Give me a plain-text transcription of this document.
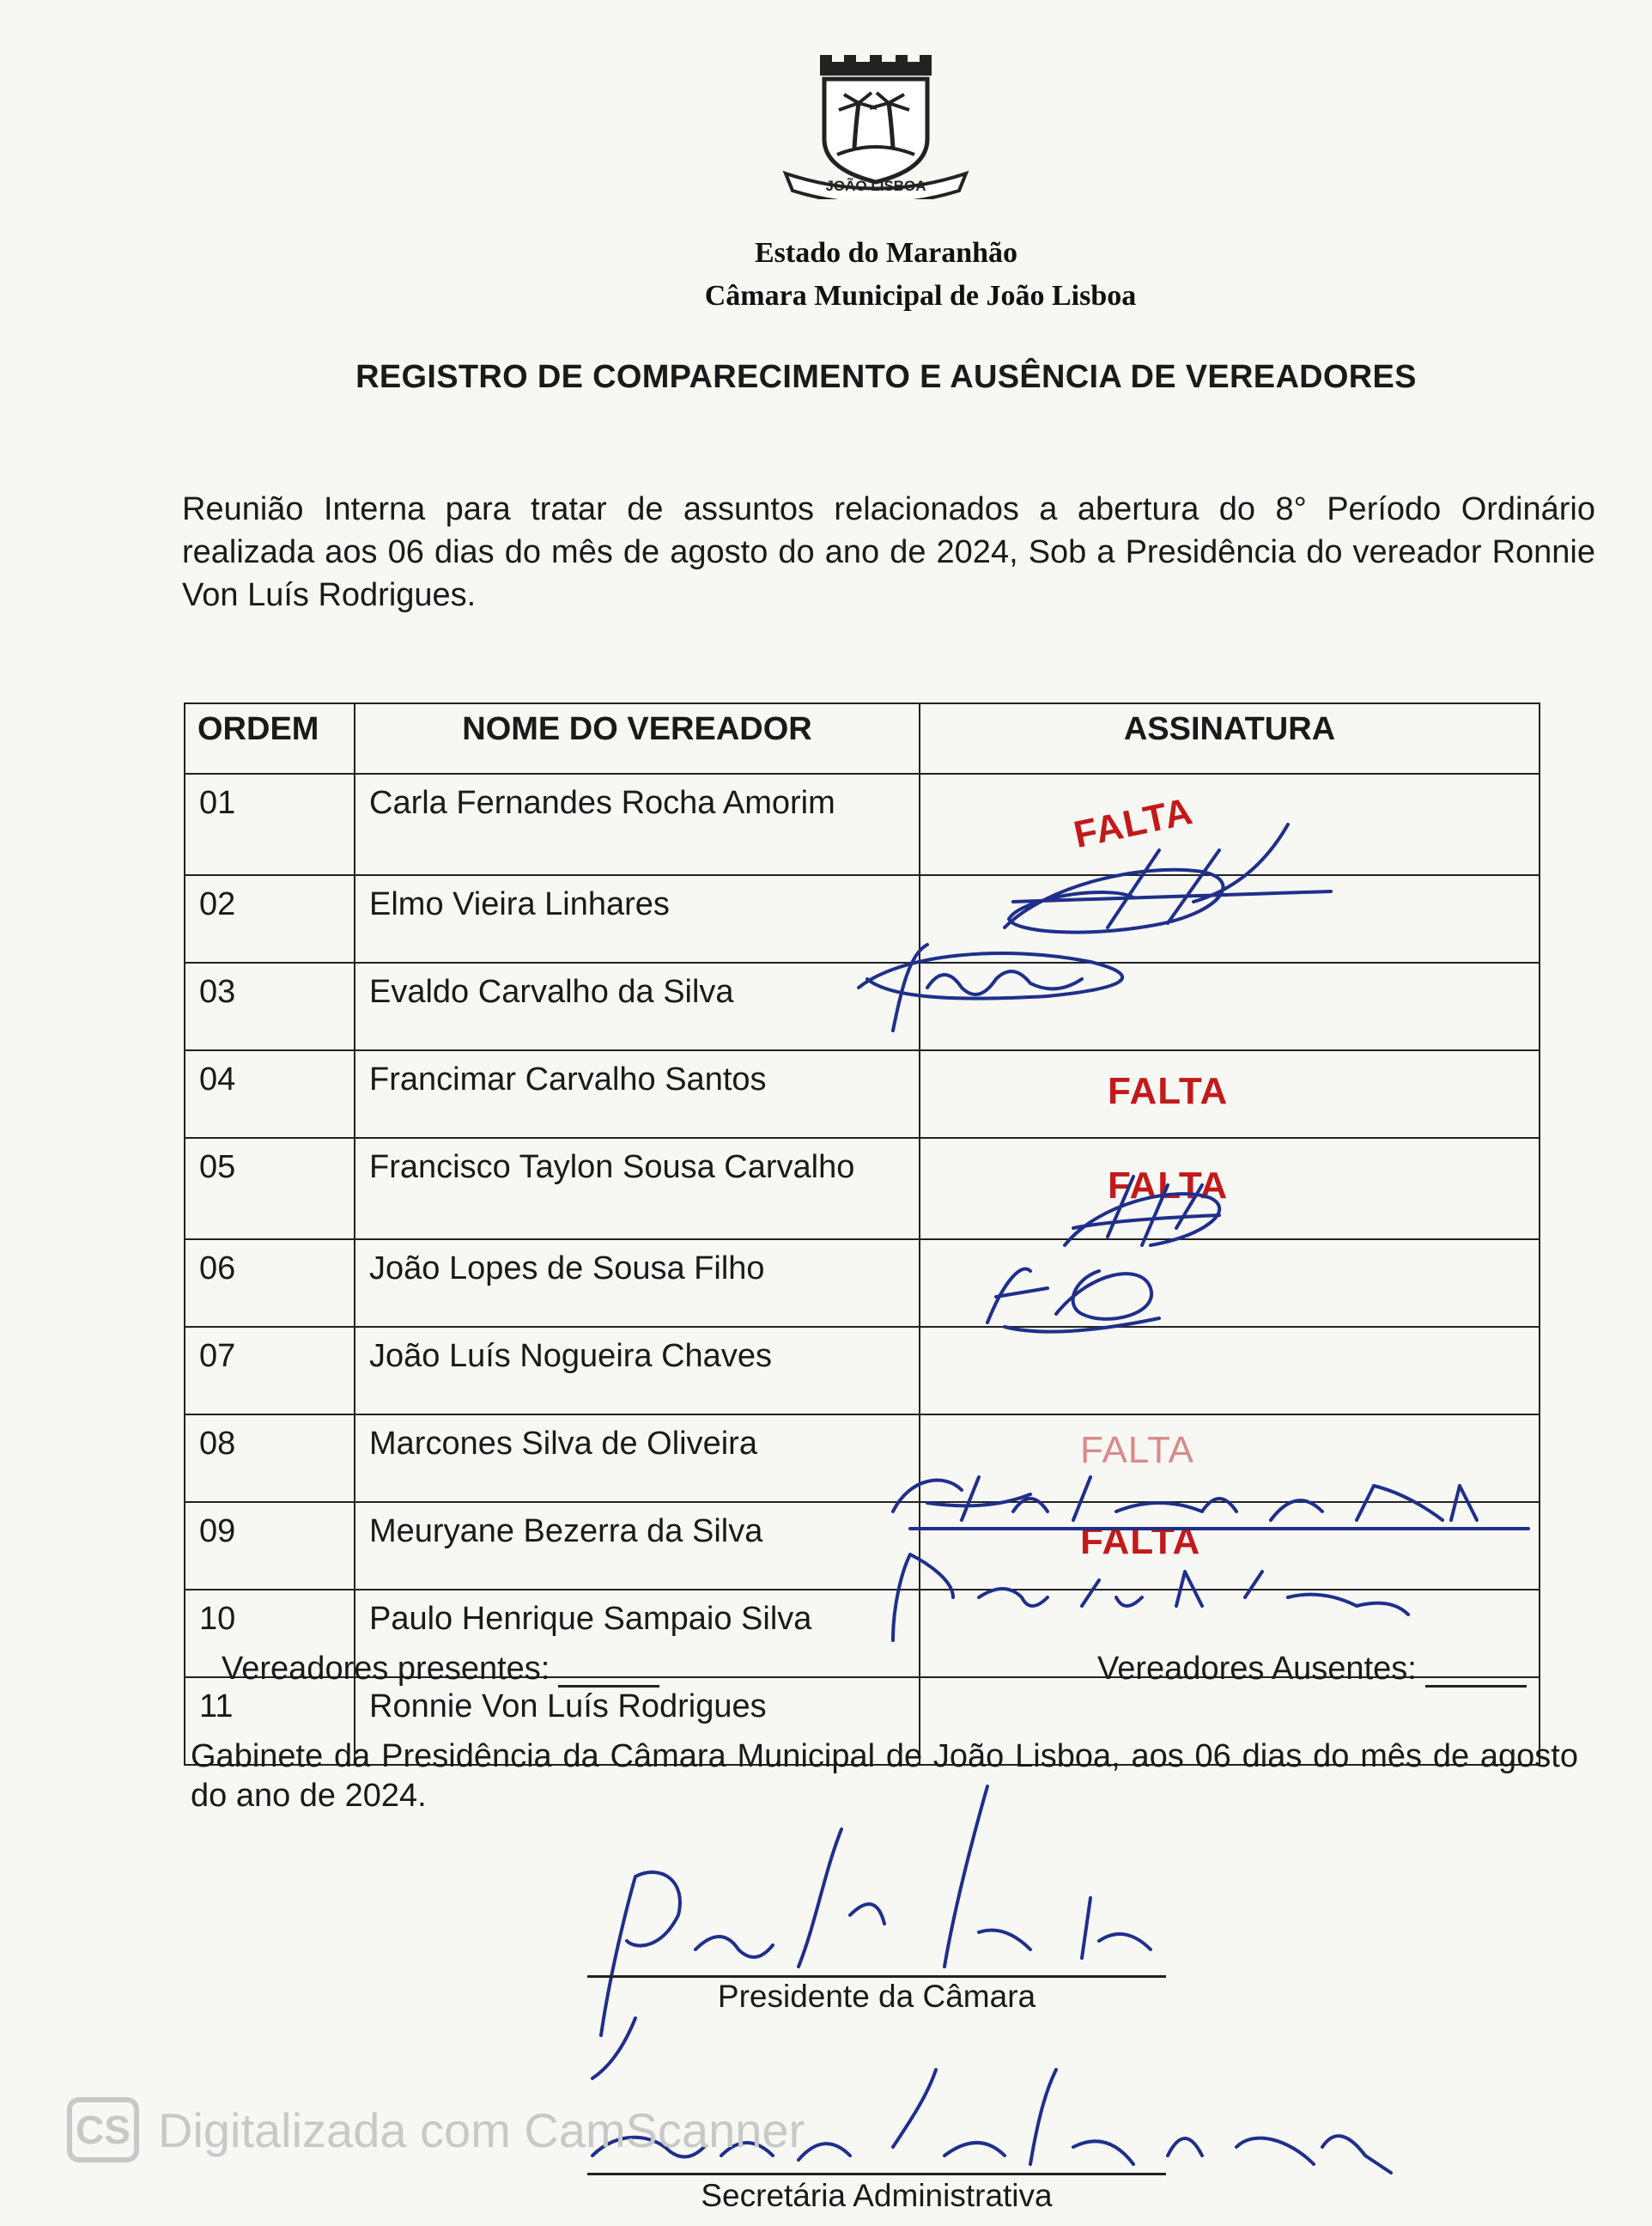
JOÃO LISBOA
Estado do Maranhão
Câmara Municipal de João Lisboa
REGISTRO DE COMPARECIMENTO E AUSÊNCIA DE VEREADORES
Reunião Interna para tratar de assuntos relacionados a abertura do 8° Período Ordinário realizada aos 06 dias do mês de agosto do ano de 2024, Sob a Presidência do vereador Ronnie Von Luís Rodrigues.
ORDEM	NOME DO VEREADOR	ASSINATURA
01	Carla Fernandes Rocha Amorim	FALTA

02	Elmo Vieira Linhares	
03	Evaldo Carvalho da Silva	
04	Francimar Carvalho Santos	FALTA

05	Francisco Taylon Sousa Carvalho	FALTA

06	João Lopes de Sousa Filho	
07	João Luís Nogueira Chaves	
08	Marcones Silva de Oliveira	FALTA

09	Meuryane Bezerra da Silva	FALTA

10	Paulo Henrique Sampaio Silva	
11	Ronnie Von Luís Rodrigues	
Vereadores presentes:	Vereadores Ausentes:
Gabinete da Presidência da Câmara Municipal de João Lisboa, aos 06 dias do mês de agosto do ano de 2024.
Presidente da Câmara
Secretária Administrativa
CS Digitalizada com CamScanner
